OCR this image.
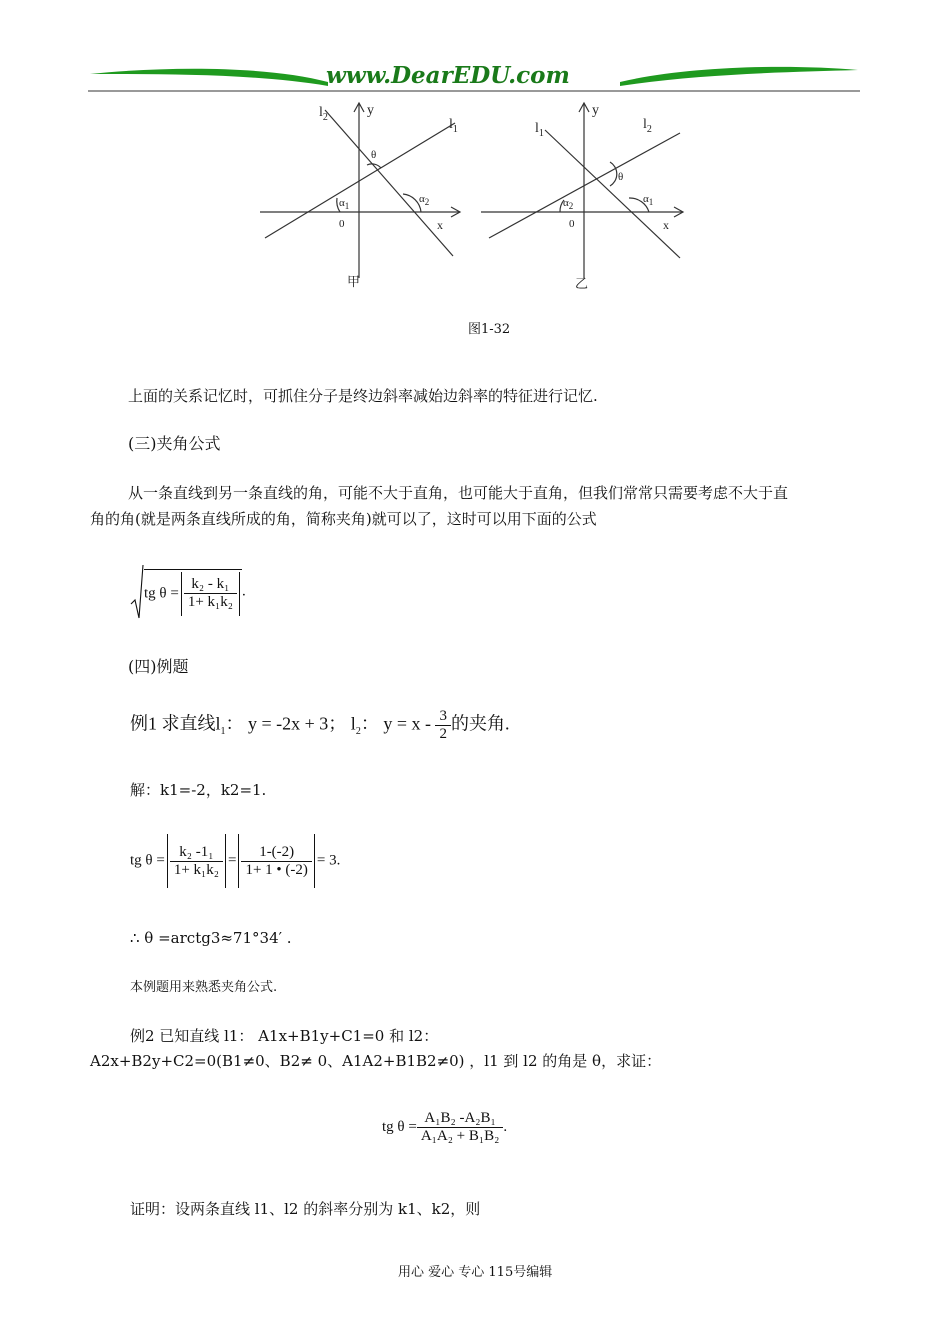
www.DearEDU.com
$l_2$	y
$l_1$
θ
$\alpha_1$
$\alpha_2$
0	x
甲
$l_1$
y
$l_2$
θ
$\alpha_2$
$\alpha_1$
0	x
乙
图1-32
上面的关系记忆时，可抓住分子是终边斜率减始边斜率的特征进行记忆.
(三)夹角公式
从一条直线到另一条直线的角，可能不大于直角，也可能大于直角，但我们常常只需要考虑不大于直
角的角(就是两条直线所成的角，简称夹角)就可以了，这时可以用下面的公式
tg $\theta = \frac{\text{k₂ - k₁}}{\text{1+ k₁k₂}}$ .
(四)例题
例1 求直线$l_1$： y = -2x + 3； $l_2$： $y = x - \frac{3}{2}$ 的夹角.
解：k1=-2，k2=1.
tg $\theta = \frac{\text{k₂ -1₁}}{\text{1+ k₁k₂}} = \frac{1-(-2)}{1+ 1 • (-2)} = 3$.
∴ θ =arctg3≈71°34′ .
本例题用来熟悉夹角公式.
例2 已知直线 l1： A1x+B1y+C1=0 和 l2：
A2x+B2y+C2=0(B1≠0、B2≠ 0、A1A2+B1B2≠0) ，l1 到 l2 的角是 θ，求证：
tg $\theta = \frac{\text{A₁B₂ -A₂B₁}}{\text{A₁A₂ + B₁B₂}}$ .
证明：设两条直线 l1、l2 的斜率分别为 k1、k2，则
用心 爱心 专心 115号编辑
